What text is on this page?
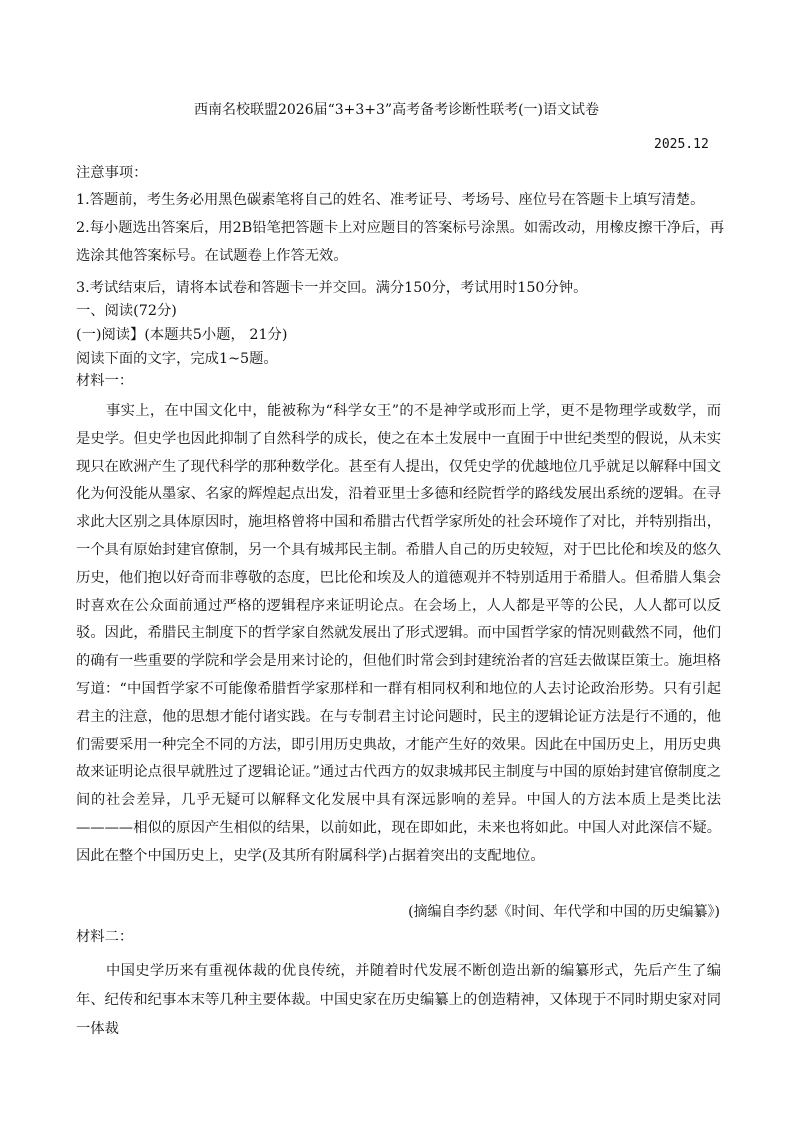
西南名校联盟2026届“3+3+3”高考备考诊断性联考(一)语文试卷
2025.12
注意事项：
1.答题前，考生务必用黑色碳素笔将自己的姓名、准考证号、考场号、座位号在答题卡上填写清楚。
2.每小题选出答案后，用2B铅笔把答题卡上对应题目的答案标号涂黑。如需改动，用橡皮擦干净后，再选涂其他答案标号。在试题卷上作答无效。
3.考试结束后，请将本试卷和答题卡一并交回。满分150分，考试用时150分钟。
一、阅读(72分)
(一)阅读】(本题共5小题， 21分)
阅读下面的文字，完成1~5题。
材料一：
事实上，在中国文化中，能被称为“科学女王”的不是神学或形而上学，更不是物理学或数学，而是史学。但史学也因此抑制了自然科学的成长，使之在本土发展中一直囿于中世纪类型的假说，从未实现只在欧洲产生了现代科学的那种数学化。甚至有人提出，仅凭史学的优越地位几乎就足以解释中国文化为何没能从墨家、名家的辉煌起点出发，沿着亚里士多德和经院哲学的路线发展出系统的逻辑。在寻求此大区别之具体原因时，施坦格曾将中国和希腊古代哲学家所处的社会环境作了对比，并特别指出，一个具有原始封建官僚制，另一个具有城邦民主制。希腊人自己的历史较短，对于巴比伦和埃及的悠久历史，他们抱以好奇而非尊敬的态度，巴比伦和埃及人的道德观并不特别适用于希腊人。但希腊人集会时喜欢在公众面前通过严格的逻辑程序来证明论点。在会场上，人人都是平等的公民，人人都可以反驳。因此，希腊民主制度下的哲学家自然就发展出了形式逻辑。而中国哲学家的情况则截然不同，他们的确有一些重要的学院和学会是用来讨论的，但他们时常会到封建统治者的宫廷去做谋臣策士。施坦格写道：“中国哲学家不可能像希腊哲学家那样和一群有相同权利和地位的人去讨论政治形势。只有引起君主的注意，他的思想才能付诸实践。在与专制君主讨论问题时，民主的逻辑论证方法是行不通的，他们需要采用一种完全不同的方法，即引用历史典故，才能产生好的效果。因此在中国历史上，用历史典故来证明论点很早就胜过了逻辑论证。”通过古代西方的奴隶城邦民主制度与中国的原始封建官僚制度之间的社会差异，几乎无疑可以解释文化发展中具有深远影响的差异。中国人的方法本质上是类比法————相似的原因产生相似的结果，以前如此，现在即如此，未来也将如此。中国人对此深信不疑。因此在整个中国历史上，史学(及其所有附属科学)占据着突出的支配地位。
(摘编自李约瑟《时间、年代学和中国的历史编纂》)
材料二：
中国史学历来有重视体裁的优良传统，并随着时代发展不断创造出新的编纂形式，先后产生了编年、纪传和纪事本末等几种主要体裁。中国史家在历史编纂上的创造精神，又体现于不同时期史家对同一体裁
